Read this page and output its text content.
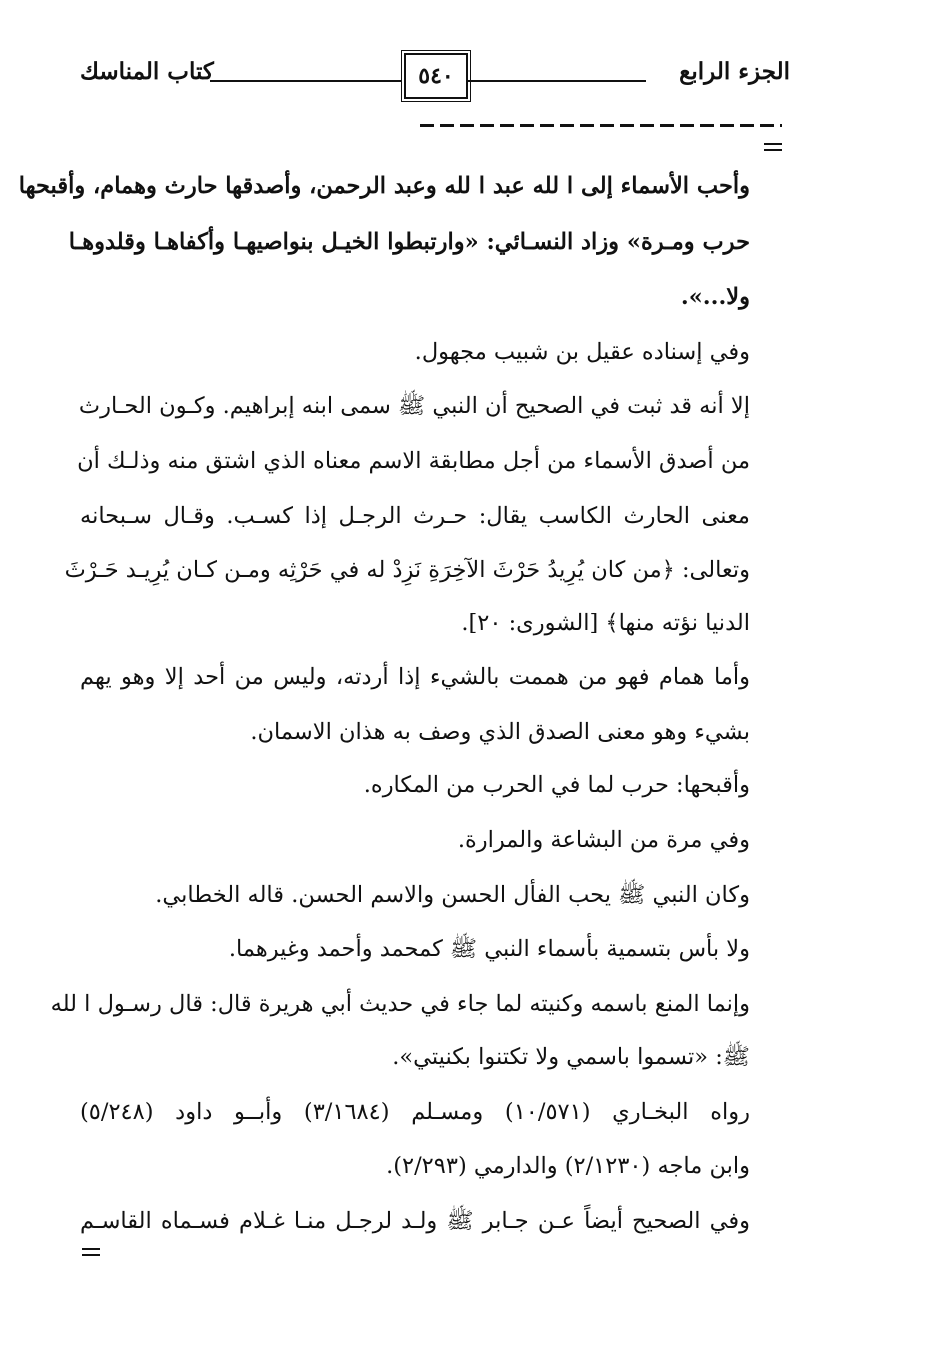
الجزء الرابع
٥٤٠
كتاب المناسك
وأحب الأسماء إلى ا لله عبد ا لله وعبد الرحمن، وأصدقها حارث وهمام، وأقبحها
حرب ومـرة» وزاد النسـائي: «وارتبطوا الخيـل بنواصيهـا وأكفاهـا وقلدوهـا
ولا...».
وفي إسناده عقيل بن شبيب مجهول.
إلا أنه قد ثبت في الصحيح أن النبي ﷺ سمى ابنه إبراهيم. وكـون الحـارث
من أصدق الأسماء من أجل مطابقة الاسم معناه الذي اشتق منه وذلـك أن
معنى الحارث الكاسب يقال: حـرث الرجـل إذا كسـب. وقـال سـبحانه
وتعالى: ﴿من كان يُرِيدُ حَرْثَ الآخِرَةِ نَزِدْ له في حَرْثِه ومـن كـان يُرِيـد حَـرْثَ
الدنيا نؤته منها﴾ [الشورى: ٢٠].
وأما همام فهو من هممت بالشيء إذا أردته، وليس من أحد إلا وهو يهم
بشيء وهو معنى الصدق الذي وصف به هذان الاسمان.
وأقبحها: حرب لما في الحرب من المكاره.
وفي مرة من البشاعة والمرارة.
وكان النبي ﷺ يحب الفأل الحسن والاسم الحسن. قاله الخطابي.
ولا بأس بتسمية بأسماء النبي ﷺ كمحمد وأحمد وغيرهما.
وإنما المنع باسمه وكنيته لما جاء في حديث أبي هريرة قال: قال رسـول ا لله
ﷺ: «تسموا باسمي ولا تكتنوا بكنيتي».
رواه البخـاري (١٠/٥٧١) ومسـلم (٣/١٦٨٤) وأبــو داود (٥/٢٤٨)
وابن ماجه (٢/١٢٣٠) والدارمي (٢/٢٩٣).
وفي الصحيح أيضاً عـن جـابر ﷺ ولـد لرجـل منـا غـلام فسـماه القاسـم
